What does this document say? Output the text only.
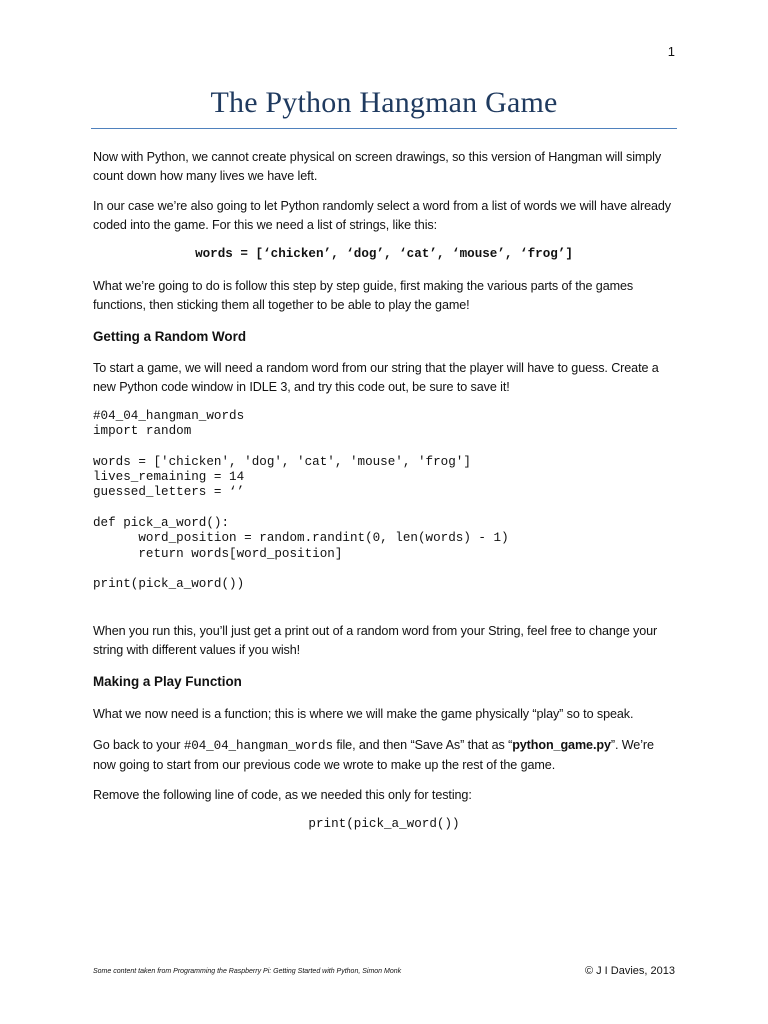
1
The Python Hangman Game

Now with Python, we cannot create physical on screen drawings, so this version of Hangman will simply count down how many lives we have left.

In our case we’re also going to let Python randomly select a word from a list of words we will have already coded into the game. For this we need a list of strings, like this:

words = [‘chicken’, ‘dog’, ‘cat’, ‘mouse’, ‘frog’]

What we’re going to do is follow this step by step guide, first making the various parts of the games functions, then sticking them all together to be able to play the game!

Getting a Random Word

To start a game, we will need a random word from our string that the player will have to guess. Create a new Python code window in IDLE 3, and try this code out, be sure to save it!

#04_04_hangman_words
import random

words = ['chicken', 'dog', 'cat', 'mouse', 'frog']
lives_remaining = 14
guessed_letters = ‘’

def pick_a_word():
word_position = random.randint(0, len(words) - 1)
return words[word_position]

print(pick_a_word())

When you run this, you’ll just get a print out of a random word from your String, feel free to change your string with different values if you wish!

Making a Play Function

What we now need is a function; this is where we will make the game physically “play” so to speak.

Go back to your #04_04_hangman_words file, and then “Save As” that as “python_game.py”. We’re now going to start from our previous code we wrote to make up the rest of the game.

Remove the following line of code, as we needed this only for testing:

print(pick_a_word())
Some content taken from Programming the Raspberry Pi: Getting Started with Python, Simon Monk	© J I Davies, 2013
